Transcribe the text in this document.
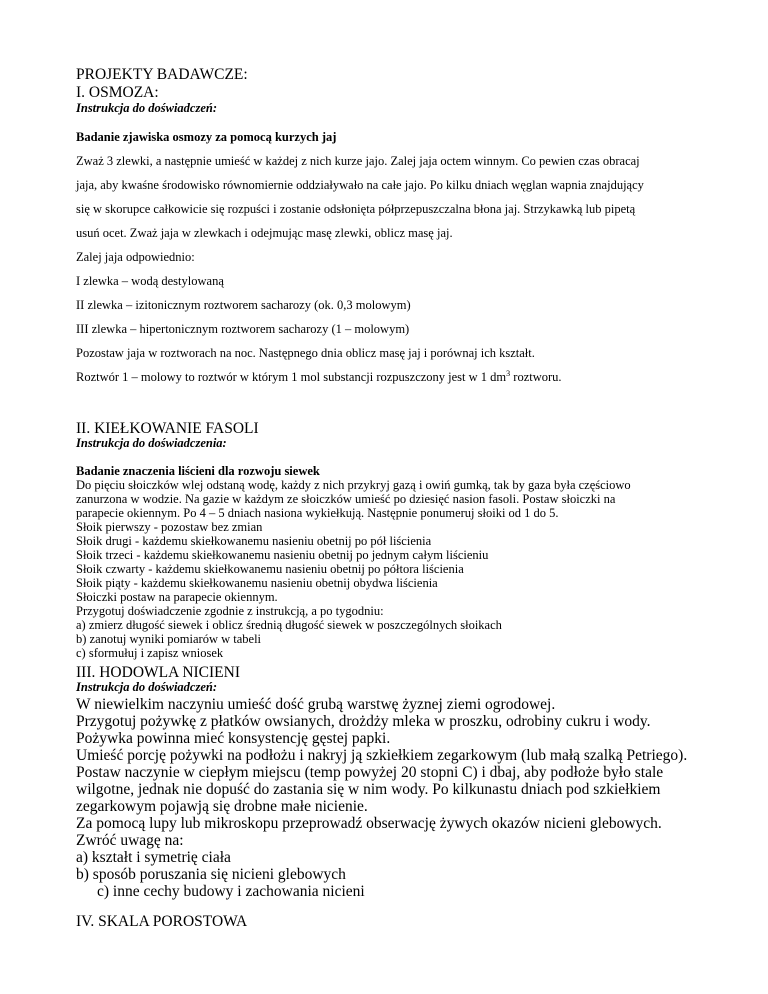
PROJEKTY BADAWCZE:
I. OSMOZA:
Instrukcja do doświadczeń:
Badanie zjawiska osmozy za pomocą kurzych jaj
Zważ 3 zlewki, a następnie umieść w każdej z nich kurze jajo. Zalej jaja octem winnym. Co pewien czas obracaj
jaja, aby kwaśne środowisko równomiernie oddziaływało na całe jajo. Po kilku dniach węglan wapnia znajdujący
się w skorupce całkowicie się rozpuści i zostanie odsłonięta półprzepuszczalna błona jaj. Strzykawką lub pipetą
usuń ocet. Zważ jaja w zlewkach i odejmując masę zlewki, oblicz masę jaj.
Zalej jaja odpowiednio:
I zlewka – wodą destylowaną
II zlewka – izitonicznym roztworem sacharozy (ok. 0,3 molowym)
III zlewka – hipertonicznym roztworem sacharozy (1 – molowym)
Pozostaw jaja w roztworach na noc. Następnego dnia oblicz masę jaj i porównaj ich kształt.
Roztwór 1 – molowy to roztwór w którym 1 mol substancji rozpuszczony jest w 1 $dm^3$ roztworu.
II. KIEŁKOWANIE FASOLI
Instrukcja do doświadczenia:
Badanie znaczenia liścieni dla rozwoju siewek
Do pięciu słoiczków wlej odstaną wodę, każdy z nich przykryj gazą i owiń gumką, tak by gaza była częściowo
zanurzona w wodzie. Na gazie w każdym ze słoiczków umieść po dziesięć nasion fasoli. Postaw słoiczki na
parapecie okiennym. Po 4 – 5 dniach nasiona wykiełkują. Następnie ponumeruj słoiki od 1 do 5.
Słoik pierwszy - pozostaw bez zmian
Słoik drugi - każdemu skiełkowanemu nasieniu obetnij po pół liścienia
Słoik trzeci - każdemu skiełkowanemu nasieniu obetnij po jednym całym liścieniu
Słoik czwarty - każdemu skiełkowanemu nasieniu obetnij po półtora liścienia
Słoik piąty - każdemu skiełkowanemu nasieniu obetnij obydwa liścienia
Słoiczki postaw na parapecie okiennym.
Przygotuj doświadczenie zgodnie z instrukcją, a po tygodniu:
a) zmierz długość siewek i oblicz średnią długość siewek w poszczególnych słoikach
b) zanotuj wyniki pomiarów w tabeli
c) sformułuj i zapisz wniosek
III. HODOWLA NICIENI
Instrukcja do doświadczeń:
W niewielkim naczyniu umieść dość grubą warstwę żyznej ziemi ogrodowej.
Przygotuj pożywkę z płatków owsianych, drożdży mleka w proszku, odrobiny cukru i wody.
Pożywka powinna mieć konsystencję gęstej papki.
Umieść porcję pożywki na podłożu i nakryj ją szkiełkiem zegarkowym (lub małą szalką Petriego).
Postaw naczynie w ciepłym miejscu (temp powyżej 20 stopni C) i dbaj, aby podłoże było stale
wilgotne, jednak nie dopuść do zastania się w nim wody. Po kilkunastu dniach pod szkiełkiem
zegarkowym pojawją się drobne małe nicienie.
Za pomocą lupy lub mikroskopu przeprowadź obserwację żywych okazów nicieni glebowych.
Zwróć uwagę na:
a) kształt i symetrię ciała
b) sposób poruszania się nicieni glebowych
c) inne cechy budowy i zachowania nicieni
IV. SKALA POROSTOWA
